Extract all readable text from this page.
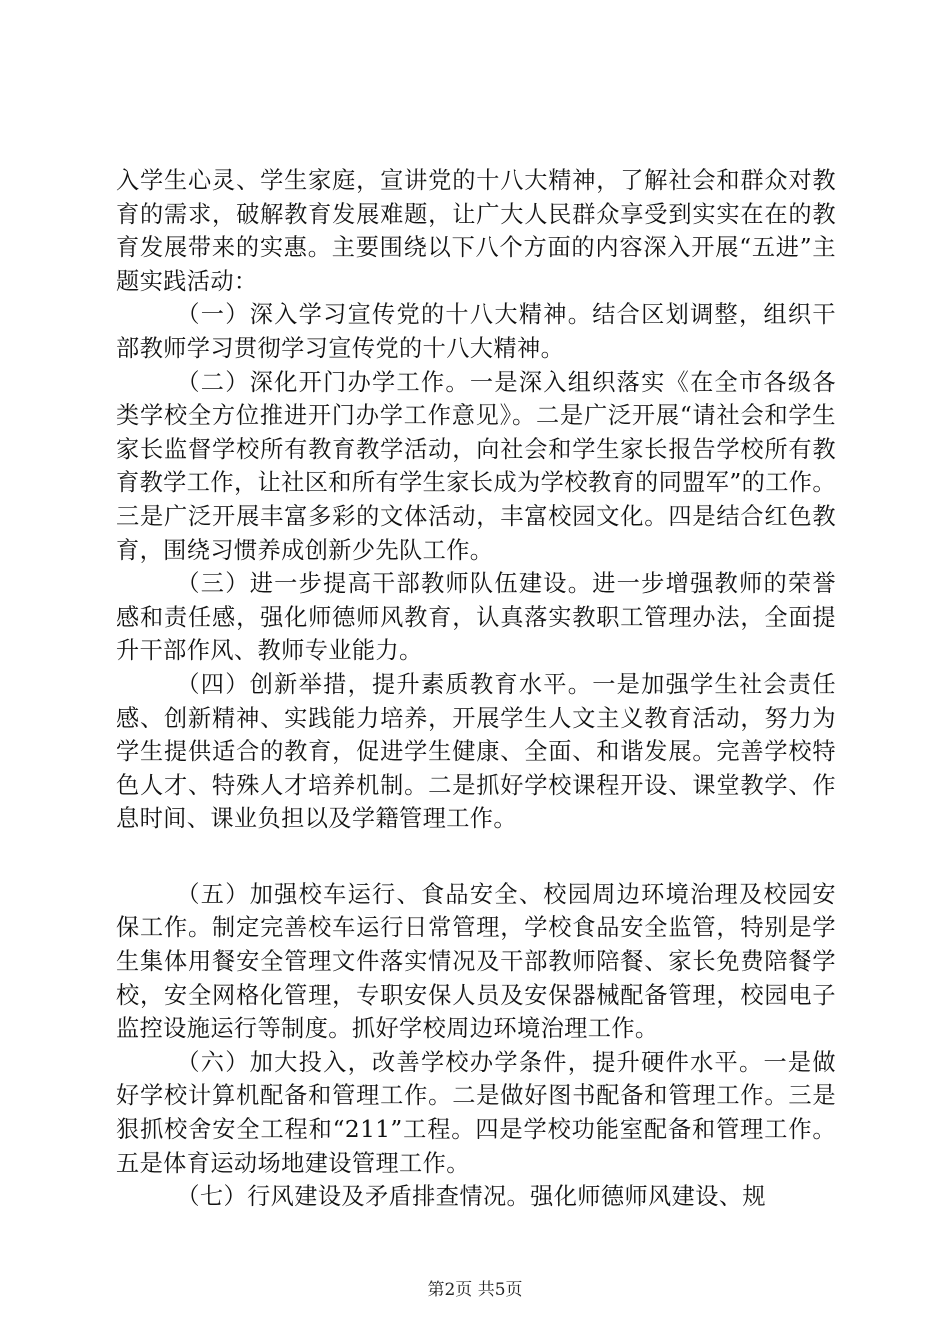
入学生心灵、学生家庭，宣讲党的十八大精神，了解社会和群众对教育的需求，破解教育发展难题，让广大人民群众享受到实实在在的教育发展带来的实惠。主要围绕以下八个方面的内容深入开展“五进”主题实践活动：

（一）深入学习宣传党的十八大精神。结合区划调整，组织干部教师学习贯彻学习宣传党的十八大精神。

（二）深化开门办学工作。一是深入组织落实《在全市各级各类学校全方位推进开门办学工作意见》。二是广泛开展“请社会和学生家长监督学校所有教育教学活动，向社会和学生家长报告学校所有教育教学工作，让社区和所有学生家长成为学校教育的同盟军”的工作。三是广泛开展丰富多彩的文体活动，丰富校园文化。四是结合红色教育，围绕习惯养成创新少先队工作。

（三）进一步提高干部教师队伍建设。进一步增强教师的荣誉感和责任感，强化师德师风教育，认真落实教职工管理办法，全面提升干部作风、教师专业能力。

（四）创新举措，提升素质教育水平。一是加强学生社会责任感、创新精神、实践能力培养，开展学生人文主义教育活动，努力为学生提供适合的教育，促进学生健康、全面、和谐发展。完善学校特色人才、特殊人才培养机制。二是抓好学校课程开设、课堂教学、作息时间、课业负担以及学籍管理工作。

（五）加强校车运行、食品安全、校园周边环境治理及校园安保工作。制定完善校车运行日常管理，学校食品安全监管，特别是学生集体用餐安全管理文件落实情况及干部教师陪餐、家长免费陪餐学校，安全网格化管理，专职安保人员及安保器械配备管理，校园电子监控设施运行等制度。抓好学校周边环境治理工作。

（六）加大投入，改善学校办学条件，提升硬件水平。一是做好学校计算机配备和管理工作。二是做好图书配备和管理工作。三是狠抓校舍安全工程和“211”工程。四是学校功能室配备和管理工作。五是体育运动场地建设管理工作。

（七）行风建设及矛盾排查情况。强化师德师风建设、规

第2页 共5页
